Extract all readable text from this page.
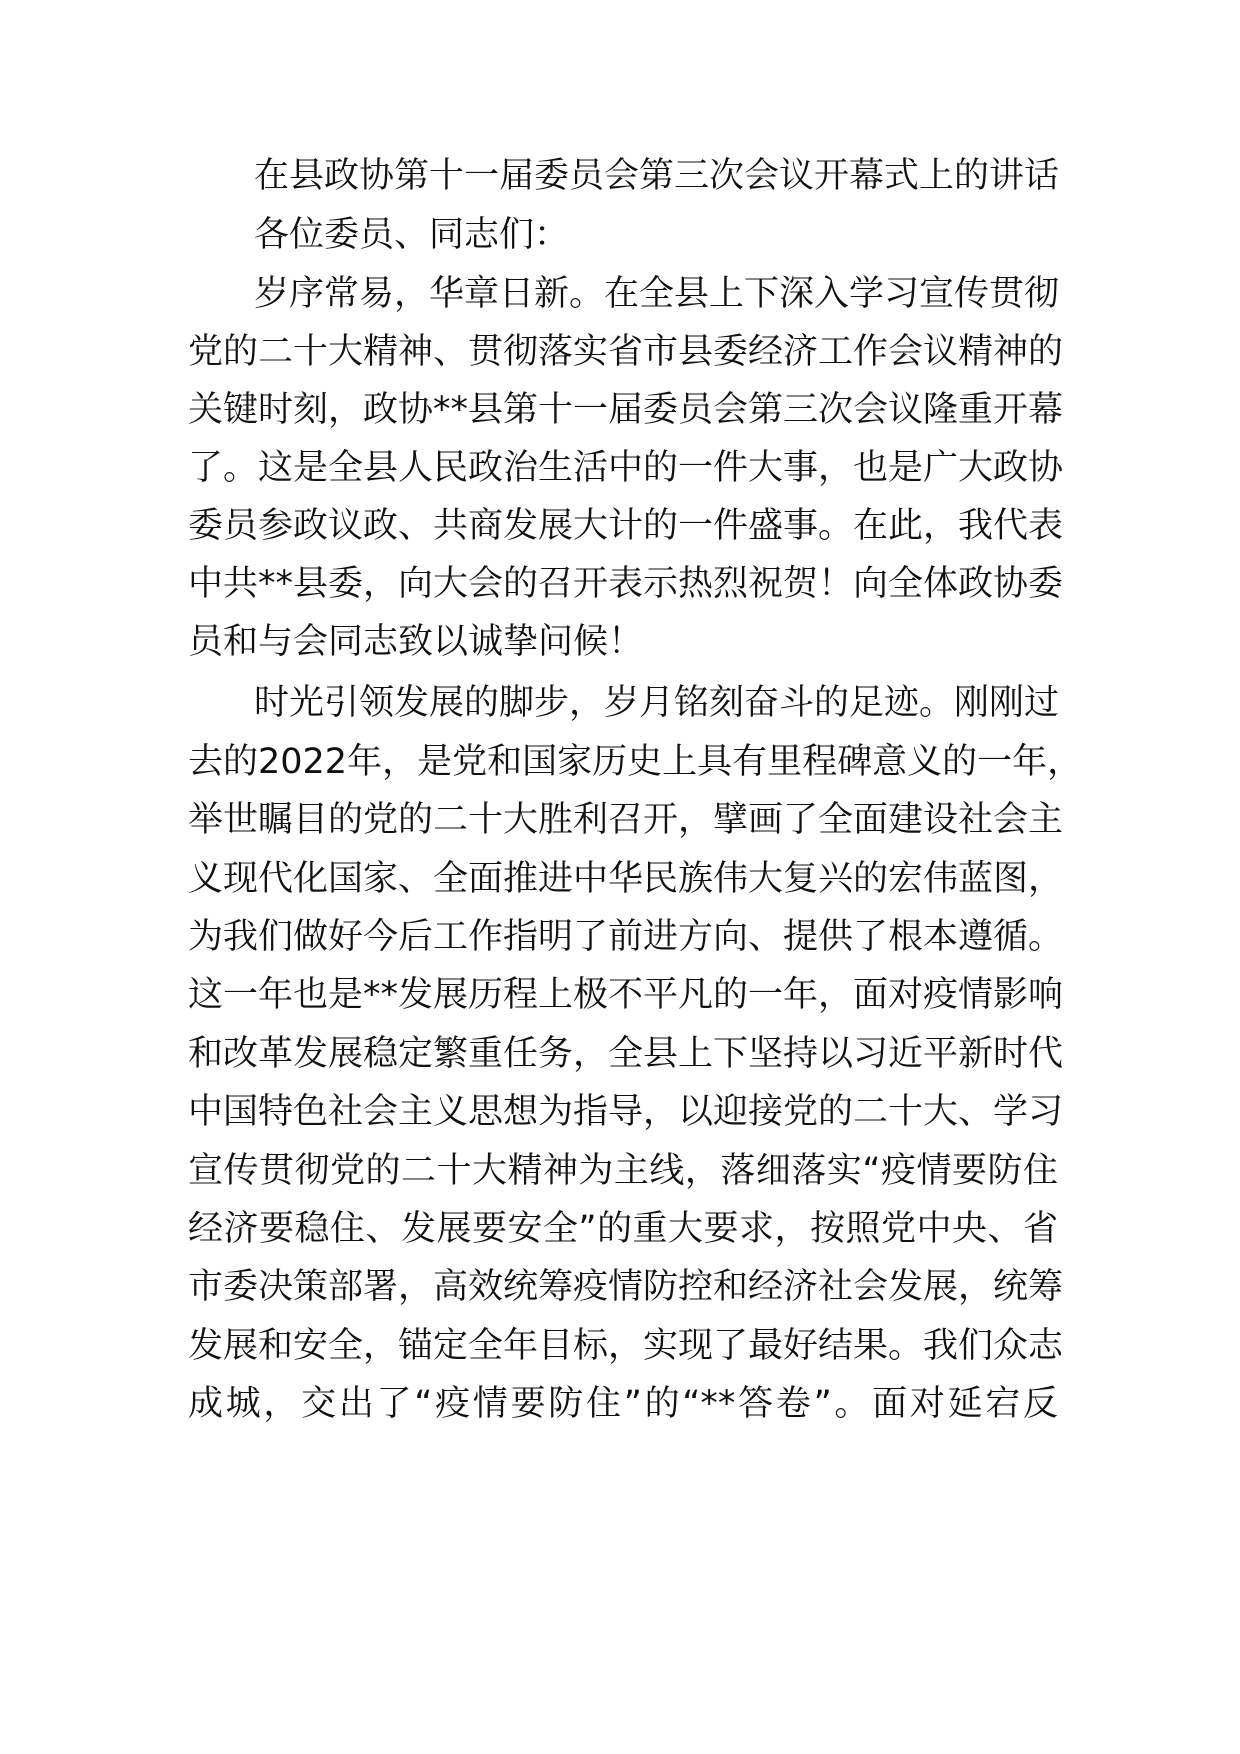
在县政协第十一届委员会第三次会议开幕式上的讲话
各位委员、同志们：
岁序常易，华章日新。在全县上下深入学习宣传贯彻
党的二十大精神、贯彻落实省市县委经济工作会议精神的
关键时刻，政协**县第十一届委员会第三次会议隆重开幕
了。这是全县人民政治生活中的一件大事，也是广大政协
委员参政议政、共商发展大计的一件盛事。在此，我代表
中共**县委，向大会的召开表示热烈祝贺！向全体政协委
员和与会同志致以诚挚问候！
时光引领发展的脚步，岁月铭刻奋斗的足迹。刚刚过
去的2022年，是党和国家历史上具有里程碑意义的一年，
举世瞩目的党的二十大胜利召开，擘画了全面建设社会主
义现代化国家、全面推进中华民族伟大复兴的宏伟蓝图，
为我们做好今后工作指明了前进方向、提供了根本遵循。
这一年也是**发展历程上极不平凡的一年，面对疫情影响
和改革发展稳定繁重任务，全县上下坚持以习近平新时代
中国特色社会主义思想为指导，以迎接党的二十大、学习
宣传贯彻党的二十大精神为主线，落细落实“疫情要防住
经济要稳住、发展要安全”的重大要求，按照党中央、省
市委决策部署，高效统筹疫情防控和经济社会发展，统筹
发展和安全，锚定全年目标，实现了最好结果。我们众志
成城，交出了“疫情要防住”的“**答卷”。面对延宕反
